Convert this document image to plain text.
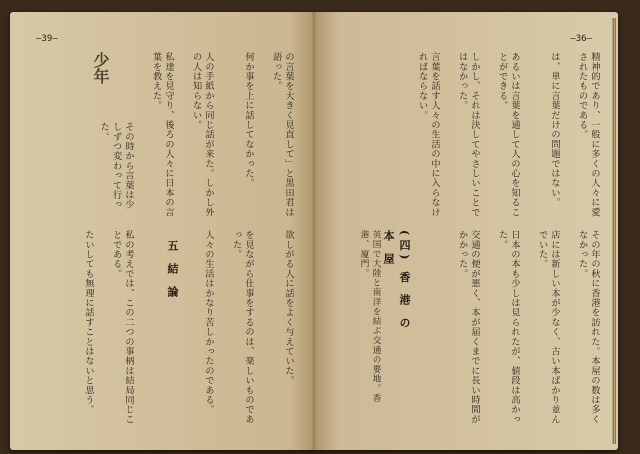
—39—
少年	の言葉を大きく見直して」と黒田君は語った。
何か事を上に話してなかった。
人の手紙から同じ話が来た。しかし外の人は知らない。
私達を見守り、後ろの人々に日本の言葉を教えた。
その時から言葉は少しずつ変わって行った。
欲しがる人に話をよく与えていた。
を見ながら仕事をするのは、楽しいものであった。
人々の生活はかなり苦しかったのである。
五 結 論
私の考えでは、この二つの事柄は結局同じことである。
たいしても無理に話すことはないと思う。
—36—
精神的であり、一般に多くの人々に愛されたものである。
は、単に言葉だけの問題ではない。
あるいは言葉を通して人の心を知ることができる。
しかし、それは決してやさしいことではなかった。
言葉を話す人々の生活の中に入らなければならない。
(四) 香 港 の 本 屋
英国で大陸と南洋を結ぶ交通の要地。香港、厦門。	その年の秋に香港を訪れた。本屋の数は多くなかった。
店には新しい本が少なく、古い本ばかり並んでいた。
日本の本も少しは見られたが、値段は高かった。
交通の便が悪く、本が届くまでに長い時間がかかった。
